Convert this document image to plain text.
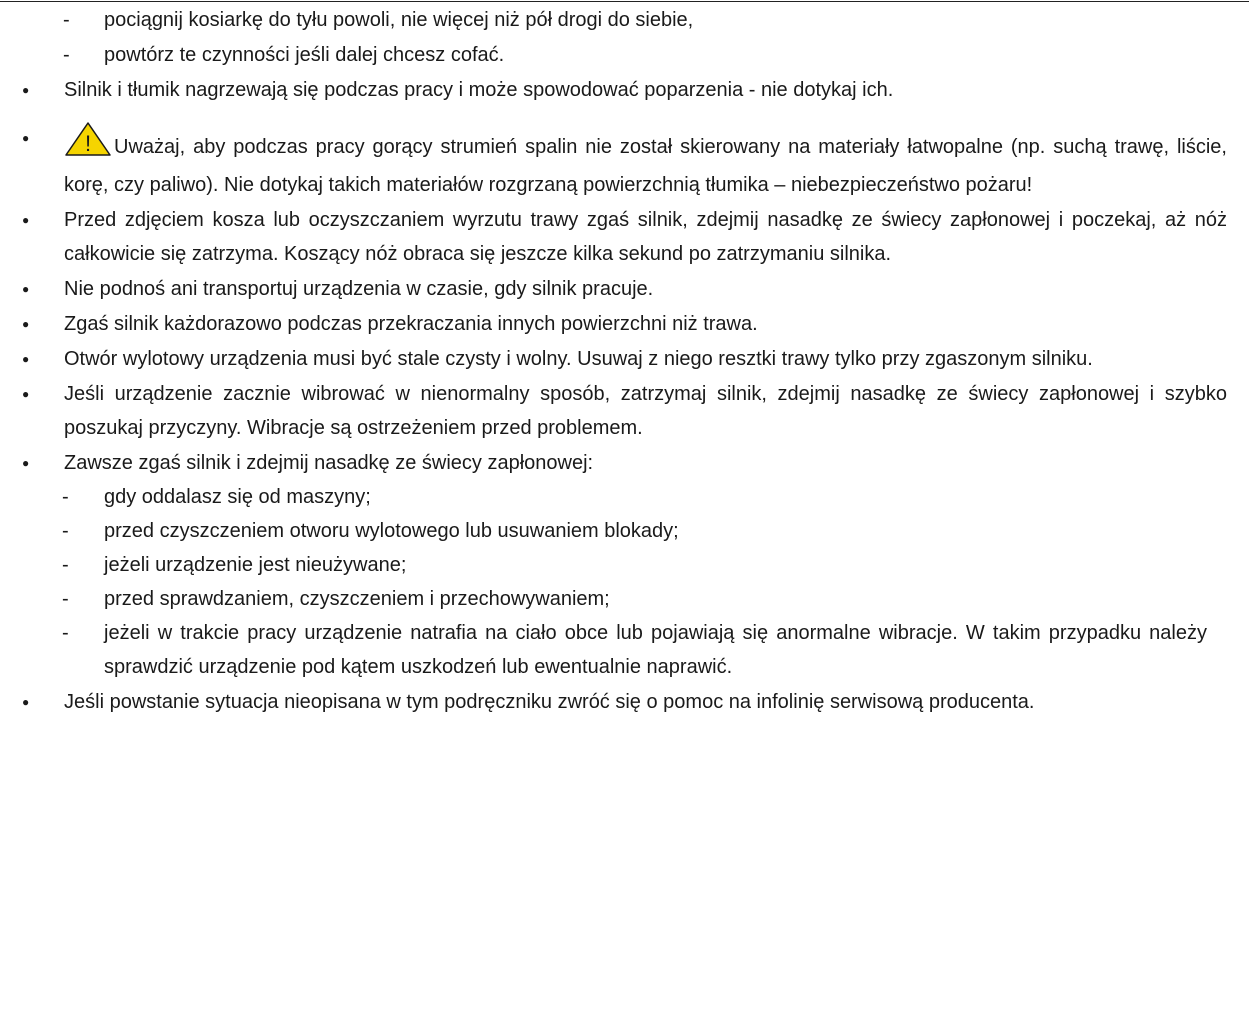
- pociągnij kosiarkę do tyłu powoli, nie więcej niż pół drogi do siebie,
- powtórz te czynności jeśli dalej chcesz cofać.
● Silnik i tłumik nagrzewają się podczas pracy i może spowodować poparzenia - nie dotykaj ich.
●	! Uważaj, aby podczas pracy gorący strumień spalin nie został skierowany na materiały łatwopalne (np. suchą trawę, liście, korę, czy paliwo). Nie dotykaj takich materiałów rozgrzaną powierzchnią tłumika – niebezpieczeństwo pożaru!
● Przed zdjęciem kosza lub oczyszczaniem wyrzutu trawy zgaś silnik, zdejmij nasadkę ze świecy zapłonowej i poczekaj, aż nóż całkowicie się zatrzyma. Koszący nóż obraca się jeszcze kilka sekund po zatrzymaniu silnika.
● Nie podnoś ani transportuj urządzenia w czasie, gdy silnik pracuje.
● Zgaś silnik każdorazowo podczas przekraczania innych powierzchni niż trawa.
● Otwór wylotowy urządzenia musi być stale czysty i wolny. Usuwaj z niego resztki trawy tylko przy zgaszonym silniku.
● Jeśli urządzenie zacznie wibrować w nienormalny sposób, zatrzymaj silnik, zdejmij nasadkę ze świecy zapłonowej i szybko poszukaj przyczyny. Wibracje są ostrzeżeniem przed problemem.
● Zawsze zgaś silnik i zdejmij nasadkę ze świecy zapłonowej:
- gdy oddalasz się od maszyny;
- przed czyszczeniem otworu wylotowego lub usuwaniem blokady;
- jeżeli urządzenie jest nieużywane;
- przed sprawdzaniem, czyszczeniem i przechowywaniem;
- jeżeli w trakcie pracy urządzenie natrafia na ciało obce lub pojawiają się anormalne wibracje. W takim przypadku należy sprawdzić urządzenie pod kątem uszkodzeń lub ewentualnie naprawić.
● Jeśli powstanie sytuacja nieopisana w tym podręczniku zwróć się o pomoc na infolinię serwisową producenta.
